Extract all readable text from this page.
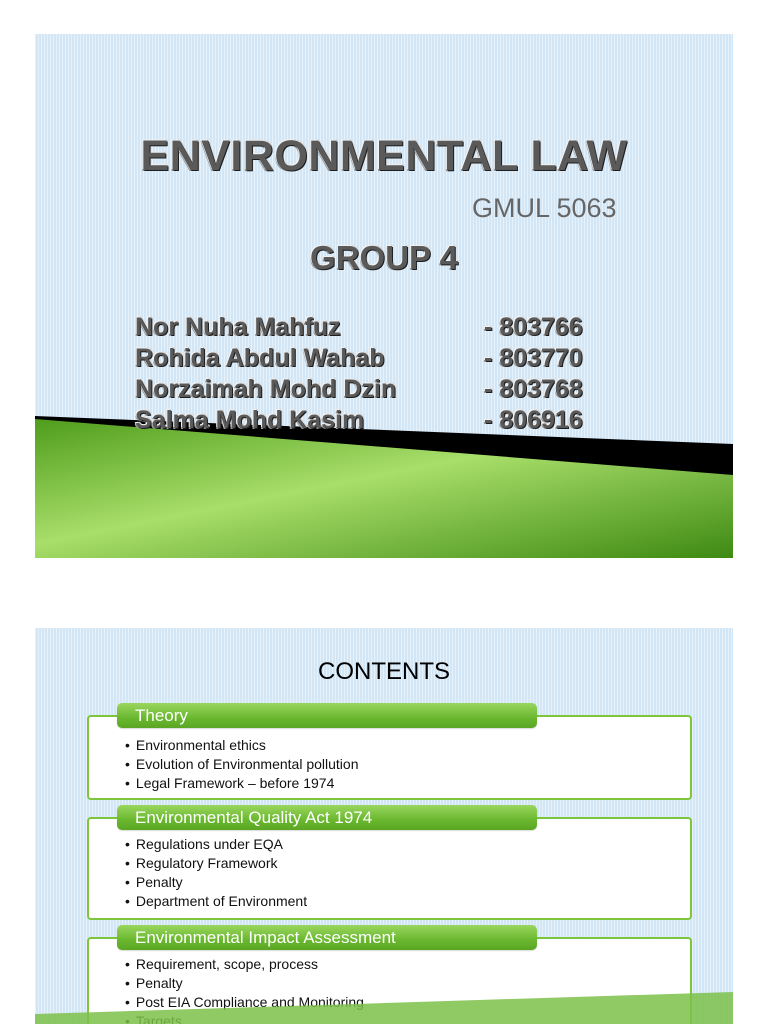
ENVIRONMENTAL LAW
GMUL 5063
GROUP 4
Nor Nuha Mahfuz	- 803766
Rohida Abdul Wahab	- 803770
Norzaimah Mohd Dzin	- 803768
Salma Mohd Kasim	- 806916
CONTENTS
Theory
• Environmental ethics
• Evolution of Environmental pollution
• Legal Framework – before 1974
Environmental Quality Act 1974
• Regulations under EQA
• Regulatory Framework
• Penalty
• Department of Environment
Environmental Impact Assessment
• Requirement, scope, process
• Penalty
• Post EIA Compliance and Monitoring
•
